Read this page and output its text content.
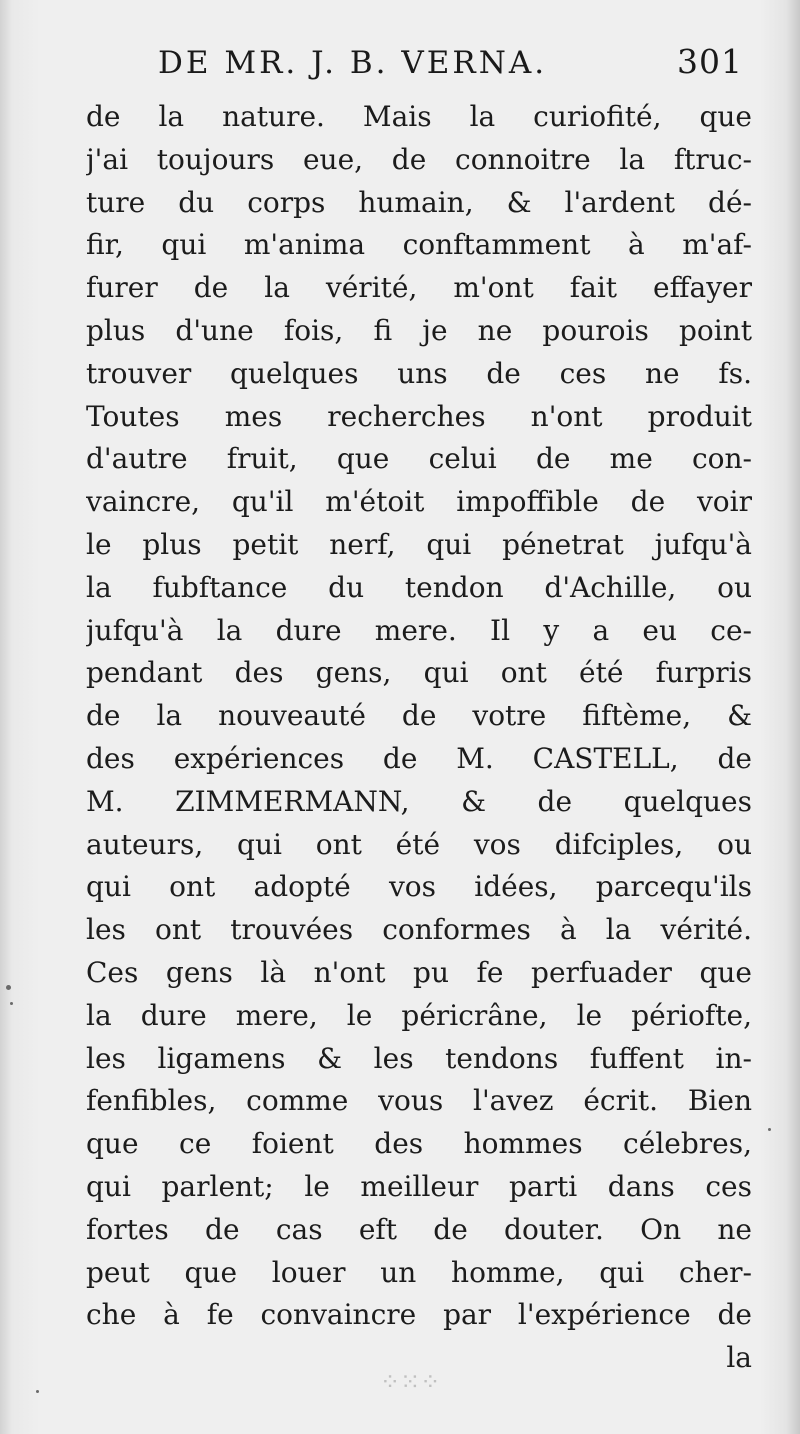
DE MR. J. B. VERNA.	301
de la nature. Mais la curiofité, que
j'ai toujours eue, de connoitre la ftruc-
ture du corps humain, & l'ardent dé-
fir, qui m'anima conftamment à m'af-
furer de la vérité, m'ont fait effayer
plus d'une fois, fi je ne pourois point
trouver quelques uns de ces ne fs.
Toutes mes recherches n'ont produit
d'autre fruit, que celui de me con-
vaincre, qu'il m'étoit impoffible de voir
le plus petit nerf, qui pénetrat jufqu'à
la fubftance du tendon d'Achille, ou
jufqu'à la dure mere. Il y a eu ce-
pendant des gens, qui ont été furpris
de la nouveauté de votre fiftème, &
des expériences de M. CASTELL, de
M. ZIMMERMANN, & de quelques
auteurs, qui ont été vos difciples, ou
qui ont adopté vos idées, parcequ'ils
les ont trouvées conformes à la vérité.
Ces gens là n'ont pu fe perfuader que
la dure mere, le péricrâne, le périofte,
les ligamens & les tendons fuffent in-
fenfibles, comme vous l'avez écrit. Bien
que ce foient des hommes célebres,
qui parlent; le meilleur parti dans ces
fortes de cas eft de douter. On ne
peut que louer un homme, qui cher-
che à fe convaincre par l'expérience de
la
⁘⁙⁘
